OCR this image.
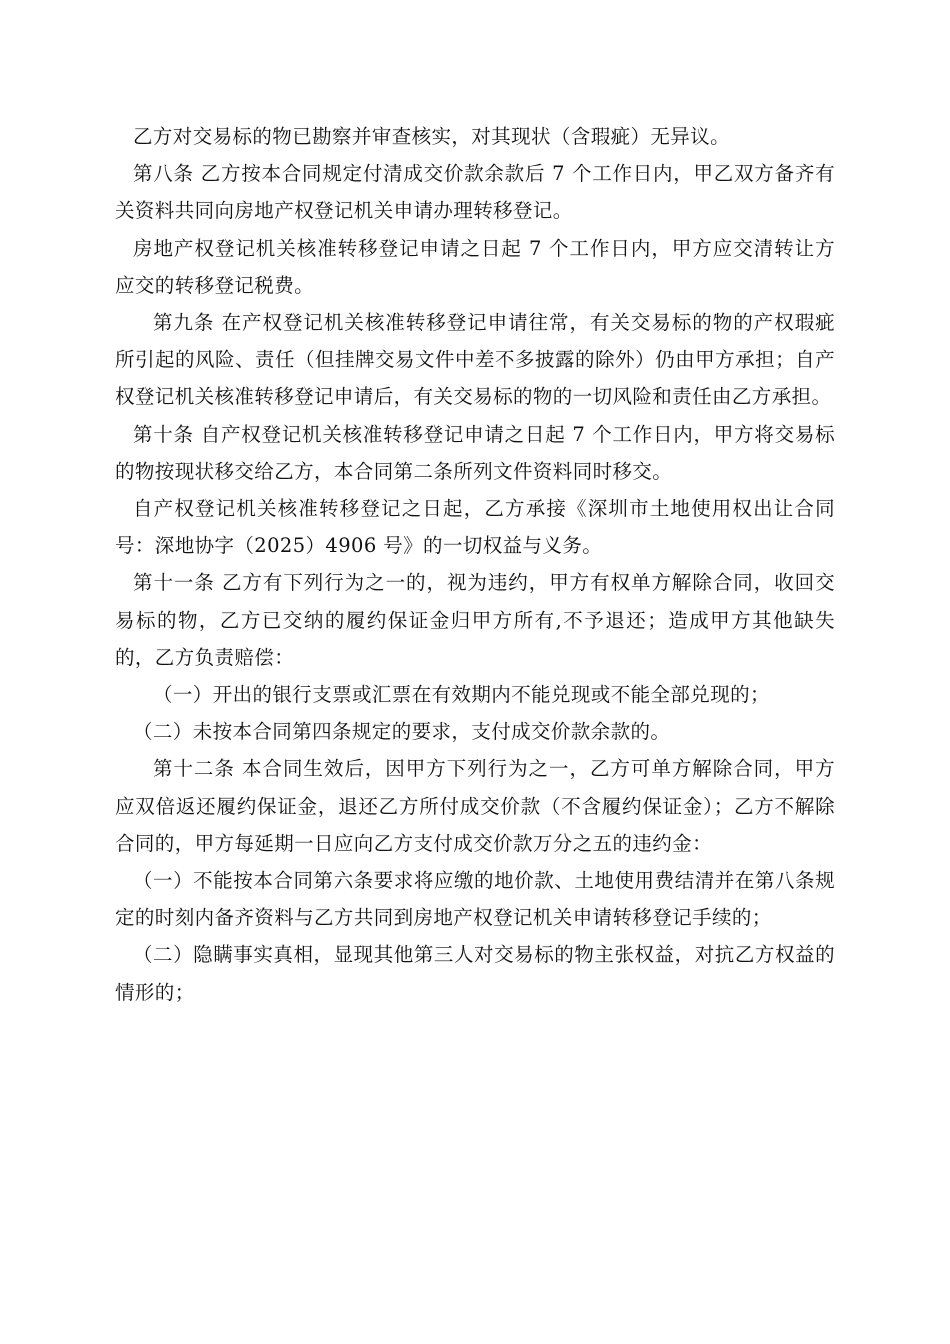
乙方对交易标的物已勘察并审查核实，对其现状（含瑕疵）无异议。

第八条 乙方按本合同规定付清成交价款余款后 7 个工作日内，甲乙双方备齐有关资料共同向房地产权登记机关申请办理转移登记。

房地产权登记机关核准转移登记申请之日起 7 个工作日内，甲方应交清转让方应交的转移登记税费。

第九条 在产权登记机关核准转移登记申请往常，有关交易标的物的产权瑕疵所引起的风险、责任（但挂牌交易文件中差不多披露的除外）仍由甲方承担；自产权登记机关核准转移登记申请后，有关交易标的物的一切风险和责任由乙方承担。

第十条 自产权登记机关核准转移登记申请之日起 7 个工作日内，甲方将交易标的物按现状移交给乙方，本合同第二条所列文件资料同时移交。

自产权登记机关核准转移登记之日起，乙方承接《深圳市土地使用权出让合同号：深地协字（2025）4906 号》的一切权益与义务。

第十一条 乙方有下列行为之一的，视为违约，甲方有权单方解除合同，收回交易标的物，乙方已交纳的履约保证金归甲方所有,不予退还；造成甲方其他缺失的，乙方负责赔偿：

（一）开出的银行支票或汇票在有效期内不能兑现或不能全部兑现的；

（二）未按本合同第四条规定的要求，支付成交价款余款的。

第十二条 本合同生效后，因甲方下列行为之一，乙方可单方解除合同，甲方应双倍返还履约保证金，退还乙方所付成交价款（不含履约保证金）；乙方不解除合同的，甲方每延期一日应向乙方支付成交价款万分之五的违约金：

（一）不能按本合同第六条要求将应缴的地价款、土地使用费结清并在第八条规定的时刻内备齐资料与乙方共同到房地产权登记机关申请转移登记手续的；

（二）隐瞒事实真相，显现其他第三人对交易标的物主张权益，对抗乙方权益的情形的；
